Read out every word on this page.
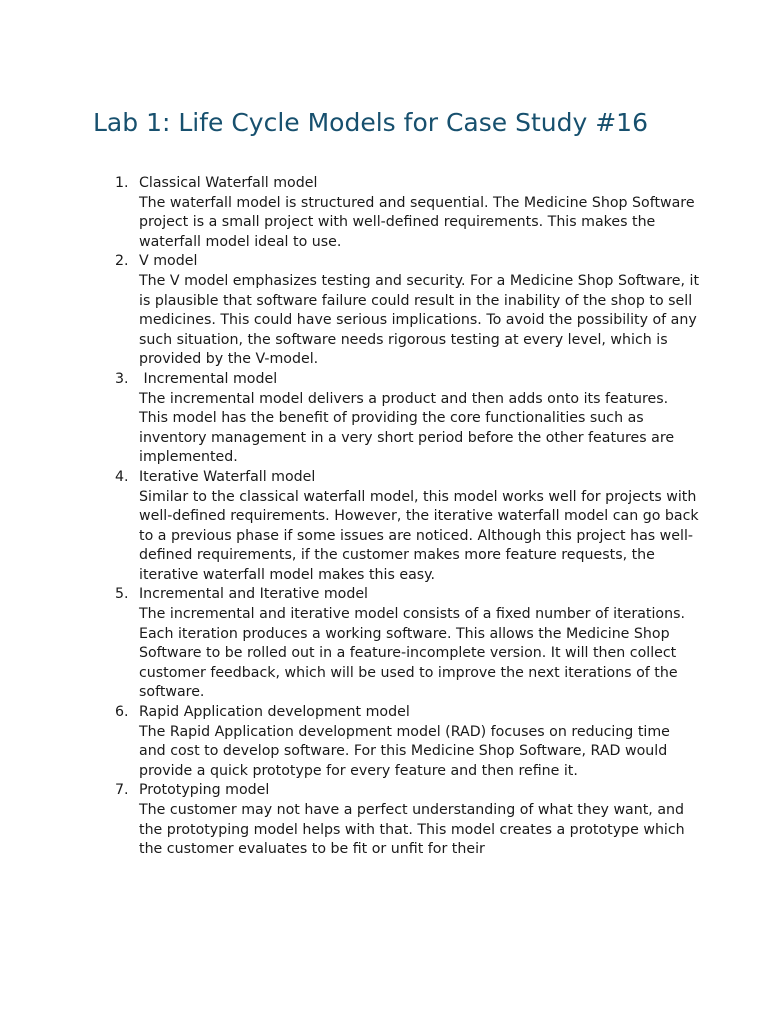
Lab 1: Life Cycle Models for Case Study #16
1. Classical Waterfall model
The waterfall model is structured and sequential. The Medicine Shop Software project is a small project with well-defined requirements. This makes the waterfall model ideal to use.
2. V model
The V model emphasizes testing and security. For a Medicine Shop Software, it is plausible that software failure could result in the inability of the shop to sell medicines. This could have serious implications. To avoid the possibility of any such situation, the software needs rigorous testing at every level, which is provided by the V-model.
3. Incremental model
The incremental model delivers a product and then adds onto its features. This model has the benefit of providing the core functionalities such as inventory management in a very short period before the other features are implemented.
4. Iterative Waterfall model
Similar to the classical waterfall model, this model works well for projects with well-defined requirements. However, the iterative waterfall model can go back to a previous phase if some issues are noticed. Although this project has well-defined requirements, if the customer makes more feature requests, the iterative waterfall model makes this easy.
5. Incremental and Iterative model
The incremental and iterative model consists of a fixed number of iterations. Each iteration produces a working software. This allows the Medicine Shop Software to be rolled out in a feature-incomplete version. It will then collect customer feedback, which will be used to improve the next iterations of the software.
6. Rapid Application development model
The Rapid Application development model (RAD) focuses on reducing time and cost to develop software. For this Medicine Shop Software, RAD would provide a quick prototype for every feature and then refine it.
7. Prototyping model
The customer may not have a perfect understanding of what they want, and the prototyping model helps with that. This model creates a prototype which the customer evaluates to be fit or unfit for their
